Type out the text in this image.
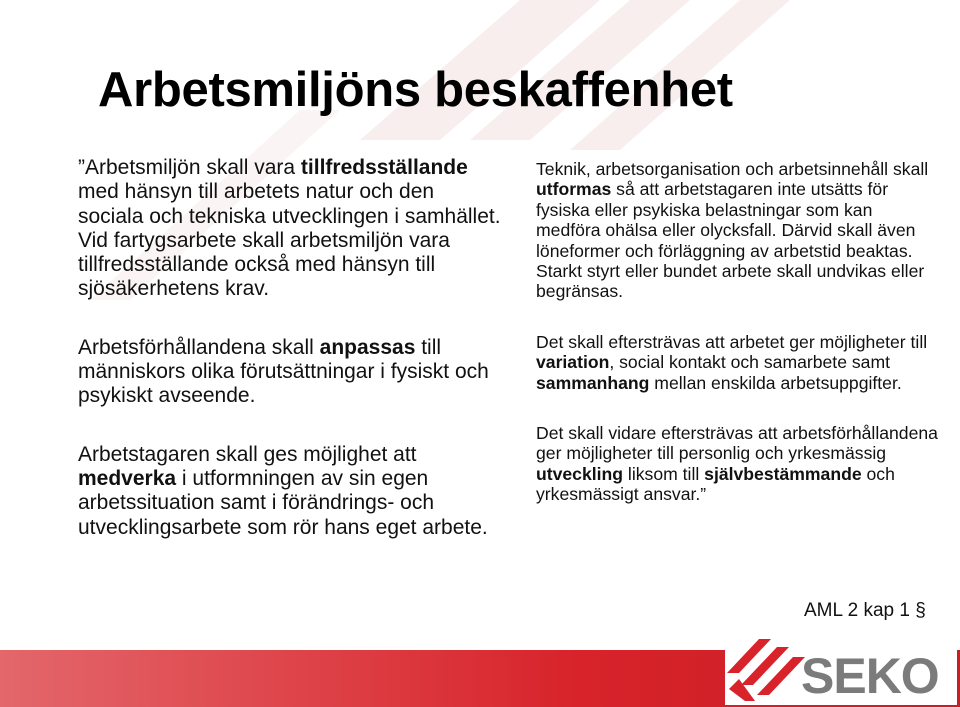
Arbetsmiljöns beskaffenhet

”Arbetsmiljön skall vara tillfredsställande med hänsyn till arbetets natur och den sociala och tekniska utvecklingen i samhället. Vid fartygsarbete skall arbetsmiljön vara tillfredsställande också med hänsyn till sjösäkerhetens krav.

Arbetsförhållandena skall anpassas till människors olika förutsättningar i fysiskt och psykiskt avseende.

Arbetstagaren skall ges möjlighet att medverka i utformningen av sin egen arbetssituation samt i förändrings- och utvecklingsarbete som rör hans eget arbete.

Teknik, arbetsorganisation och arbetsinnehåll skall utformas så att arbetstagaren inte utsätts för fysiska eller psykiska belastningar som kan medföra ohälsa eller olycksfall. Därvid skall även löneformer och förläggning av arbetstid beaktas. Starkt styrt eller bundet arbete skall undvikas eller begränsas.

Det skall eftersträvas att arbetet ger möjligheter till variation, social kontakt och samarbete samt sammanhang mellan enskilda arbetsuppgifter.

Det skall vidare eftersträvas att arbetsförhållandena ger möjligheter till personlig och yrkesmässig utveckling liksom till självbestämmande och yrkesmässigt ansvar.”

AML 2 kap 1 §
SEKO
